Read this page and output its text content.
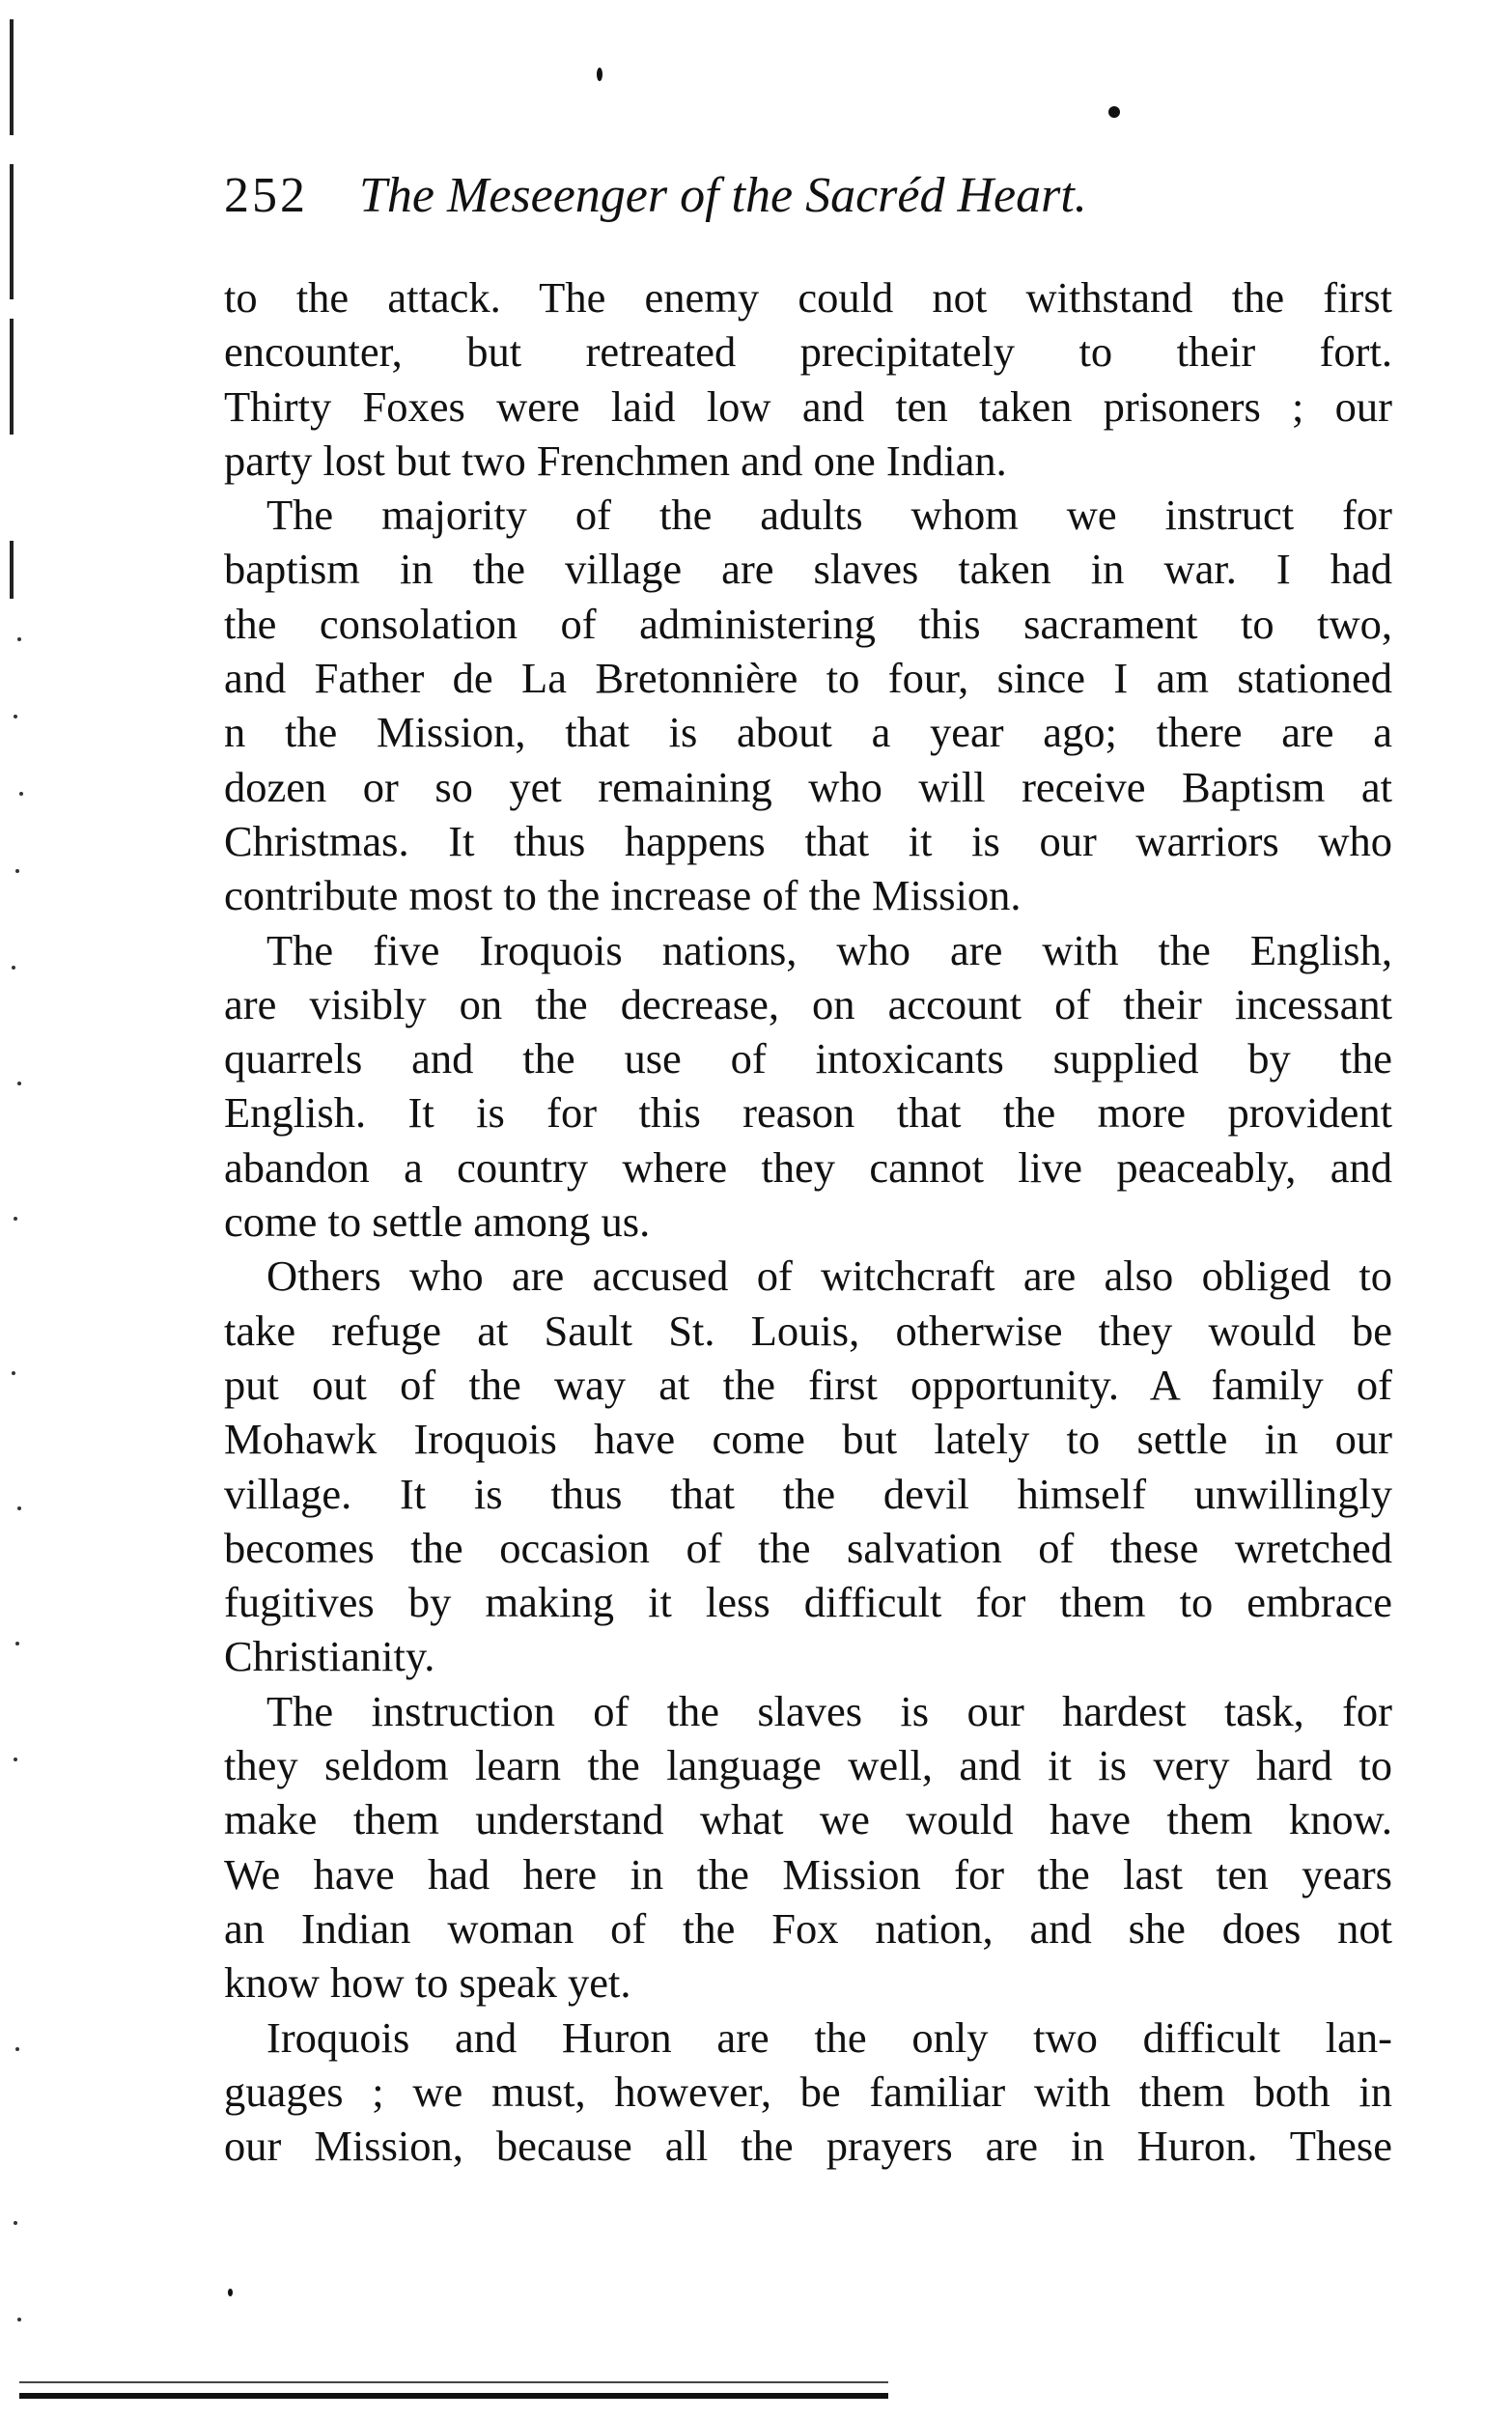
252 The Meseenger of the Sacréd Heart.
to the attack. The enemy could not withstand the first
encounter, but retreated precipitately to their fort.
Thirty Foxes were laid low and ten taken prisoners ; our
party lost but two Frenchmen and one Indian.
The majority of the adults whom we instruct for
baptism in the village are slaves taken in war. I had
the consolation of administering this sacrament to two,
and Father de La Bretonnière to four, since I am stationed
n the Mission, that is about a year ago; there are a
dozen or so yet remaining who will receive Baptism at
Christmas. It thus happens that it is our warriors who
contribute most to the increase of the Mission.
The five Iroquois nations, who are with the English,
are visibly on the decrease, on account of their incessant
quarrels and the use of intoxicants supplied by the
English. It is for this reason that the more provident
abandon a country where they cannot live peaceably, and
come to settle among us.
Others who are accused of witchcraft are also obliged to
take refuge at Sault St. Louis, otherwise they would be
put out of the way at the first opportunity. A family of
Mohawk Iroquois have come but lately to settle in our
village. It is thus that the devil himself unwillingly
becomes the occasion of the salvation of these wretched
fugitives by making it less difficult for them to embrace
Christianity.
The instruction of the slaves is our hardest task, for
they seldom learn the language well, and it is very hard to
make them understand what we would have them know.
We have had here in the Mission for the last ten years
an Indian woman of the Fox nation, and she does not
know how to speak yet.
Iroquois and Huron are the only two difficult lan-
guages ; we must, however, be familiar with them both in
our Mission, because all the prayers are in Huron. These
